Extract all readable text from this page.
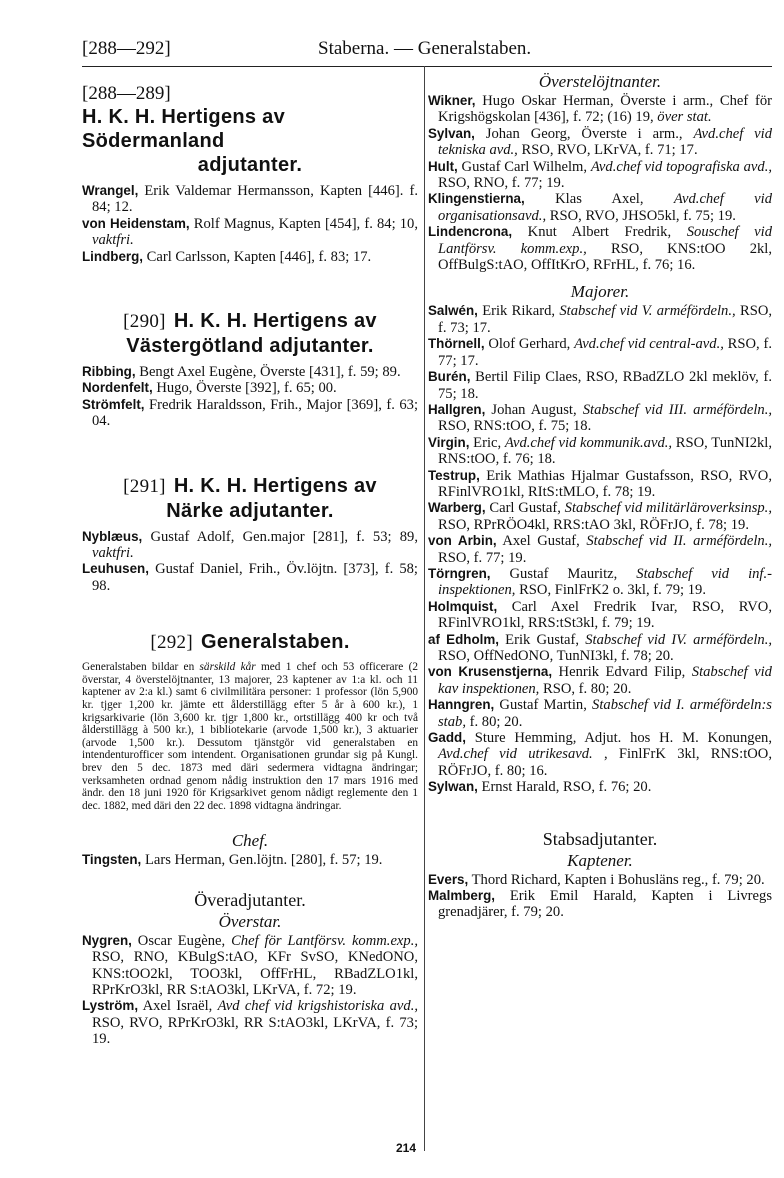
[288—292]	Staberna. — Generalstaben.
[288—289]
H. K. H. Hertigens av Södermanland
adjutanter.

Wrangel, Erik Valdemar Hermansson, Kapten [446]. f. 84; 12.

von Heidenstam, Rolf Magnus, Kapten [454], f. 84; 10, vaktfri.

Lindberg, Carl Carlsson, Kapten [446], f. 83; 17.

[290] H. K. H. Hertigens av
Västergötland adjutanter.

Ribbing, Bengt Axel Eugène, Överste [431], f. 59; 89.

Nordenfelt, Hugo, Överste [392], f. 65; 00.

Strömfelt, Fredrik Haraldsson, Frih., Major [369], f. 63; 04.

[291] H. K. H. Hertigens av
Närke adjutanter.

Nyblæus, Gustaf Adolf, Gen.major [281], f. 53; 89, vaktfri.

Leuhusen, Gustaf Daniel, Frih., Öv.löjtn. [373], f. 58; 98.

[292] Generalstaben.

Generalstaben bildar en särskild kår med 1 chef och 53 officerare (2 överstar, 4 överstelöjtnanter, 13 majorer, 23 kaptener av 1:a kl. och 11 kaptener av 2:a kl.) samt 6 civilmilitära personer: 1 professor (lön 5,900 kr. tjger 1,200 kr. jämte ett ålderstillägg efter 5 år à 600 kr.), 1 krigsarkivarie (lön 3,600 kr. tjgr 1,800 kr., ortstillägg 400 kr och två ålderstillägg à 500 kr.), 1 bibliotekarie (arvode 1,500 kr.), 3 aktuarier (arvode 1,500 kr.). Dessutom tjänstgör vid generalstaben en intendenturofficer som intendent. Organisationen grundar sig på Kungl. brev den 5 dec. 1873 med däri sedermera vidtagna ändringar; verksamheten ordnad genom nådig instruktion den 17 mars 1916 med ändr. den 18 juni 1920 för Krigsarkivet genom nådigt reglemente den 1 dec. 1882, med däri den 22 dec. 1898 vidtagna ändringar.

Chef.

Tingsten, Lars Herman, Gen.löjtn. [280], f. 57; 19.

Överadjutanter.
Överstar.

Nygren, Oscar Eugène, Chef för Lantförsv. komm.exp., RSO, RNO, KBulgS:tAO, KFr SvSO, KNedONO, KNS:tOO2kl, TOO3kl, OffFrHL, RBadZLO1kl, RPrKrO3kl, RR S:tAO3kl, LKrVA, f. 72; 19.

Lyström, Axel Israël, Avd chef vid krigshistoriska avd., RSO, RVO, RPrKrO3kl, RR S:tAO3kl, LKrVA, f. 73; 19.

Överstelöjtnanter.

Wikner, Hugo Oskar Herman, Överste i arm., Chef för Krigshögskolan [436], f. 72; (16) 19, över stat.

Sylvan, Johan Georg, Överste i arm., Avd.chef vid tekniska avd., RSO, RVO, LKrVA, f. 71; 17.

Hult, Gustaf Carl Wilhelm, Avd.chef vid topografiska avd., RSO, RNO, f. 77; 19.

Klingenstierna, Klas Axel, Avd.chef vid organisationsavd., RSO, RVO, JHSO5kl, f. 75; 19.

Lindencrona, Knut Albert Fredrik, Souschef vid Lantförsv. komm.exp., RSO, KNS:tOO 2kl, OffBulgS:tAO, OffItKrO, RFrHL, f. 76; 16.

Majorer.

Salwén, Erik Rikard, Stabschef vid V. arméfördeln., RSO, f. 73; 17.

Thörnell, Olof Gerhard, Avd.chef vid central-avd., RSO, f. 77; 17.

Burén, Bertil Filip Claes, RSO, RBadZLO 2kl meklöv, f. 75; 18.

Hallgren, Johan August, Stabschef vid III. arméfördeln., RSO, RNS:tOO, f. 75; 18.

Virgin, Eric, Avd.chef vid kommunik.avd., RSO, TunNI2kl, RNS:tOO, f. 76; 18.

Testrup, Erik Mathias Hjalmar Gustafsson, RSO, RVO, RFinlVRO1kl, RItS:tMLO, f. 78; 19.

Warberg, Carl Gustaf, Stabschef vid militärläroverksinsp., RSO, RPrRÖO4kl, RRS:tAO 3kl, RÖFrJO, f. 78; 19.

von Arbin, Axel Gustaf, Stabschef vid II. arméfördeln., RSO, f. 77; 19.

Törngren, Gustaf Mauritz, Stabschef vid inf.-inspektionen, RSO, FinlFrK2 o. 3kl, f. 79; 19.

Holmquist, Carl Axel Fredrik Ivar, RSO, RVO, RFinlVRO1kl, RRS:tSt3kl, f. 79; 19.

af Edholm, Erik Gustaf, Stabschef vid IV. arméfördeln., RSO, OffNedONO, TunNI3kl, f. 78; 20.

von Krusenstjerna, Henrik Edvard Filip, Stabschef vid kav inspektionen, RSO, f. 80; 20.

Hanngren, Gustaf Martin, Stabschef vid I. arméfördeln:s stab, f. 80; 20.

Gadd, Sture Hemming, Adjut. hos H. M. Konungen, Avd.chef vid utrikesavd. , FinlFrK 3kl, RNS:tOO, RÖFrJO, f. 80; 16.

Sylwan, Ernst Harald, RSO, f. 76; 20.

Stabsadjutanter.
Kaptener.

Evers, Thord Richard, Kapten i Bohusläns reg., f. 79; 20.

Malmberg, Erik Emil Harald, Kapten i Livregs grenadjärer, f. 79; 20.

214
